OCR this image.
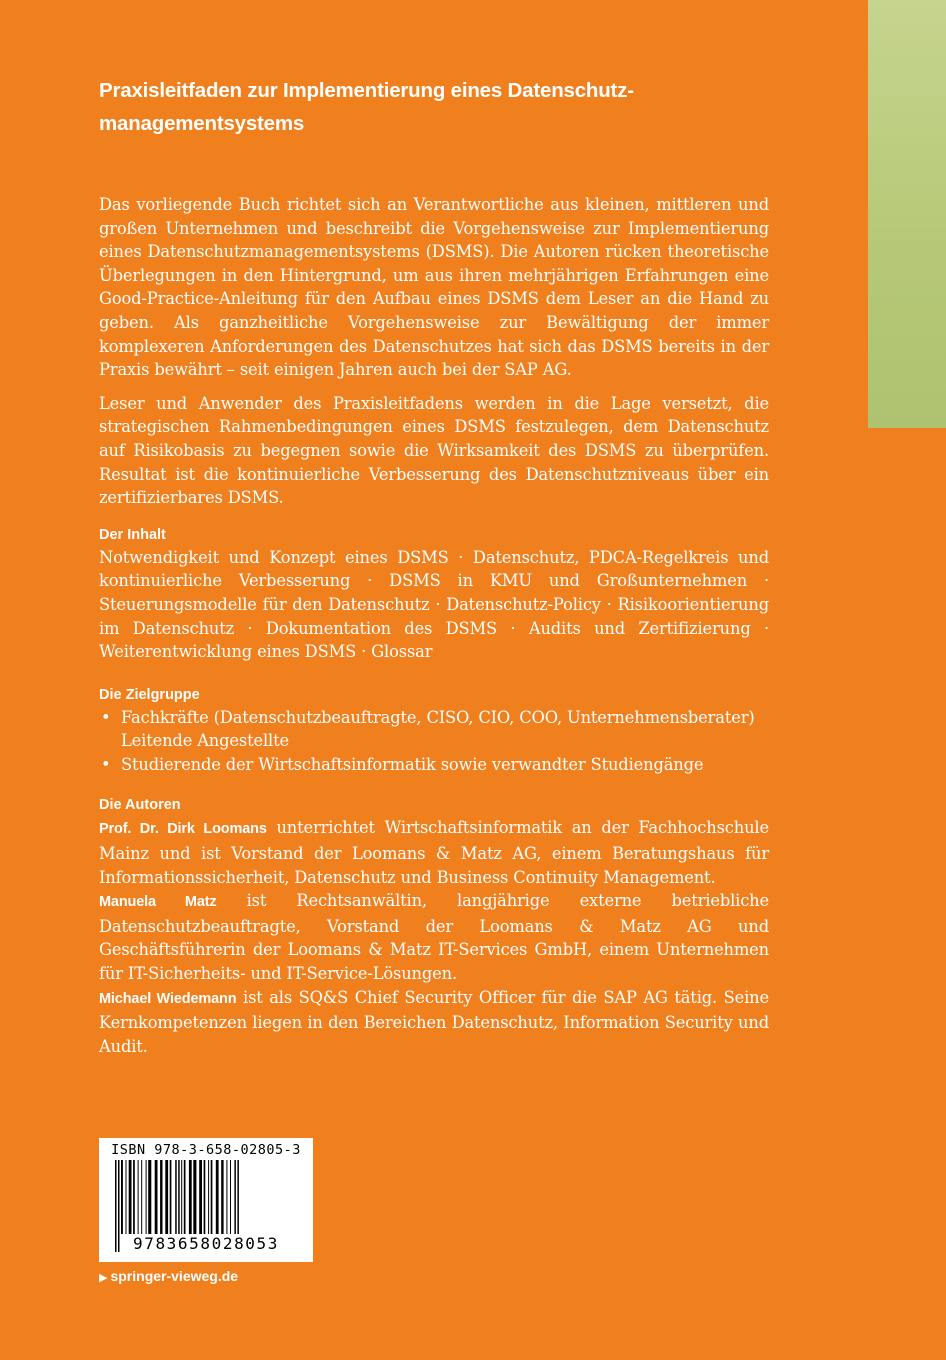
Praxisleitfaden zur Implementierung eines Datenschutz-
managementsystems

Das vorliegende Buch richtet sich an Verantwortliche aus kleinen, mittleren und großen Unternehmen und beschreibt die Vorgehensweise zur Implementierung eines Datenschutzmanagementsystems (DSMS). Die Autoren rücken theoretische Überlegungen in den Hintergrund, um aus ihren mehrjährigen Erfahrungen eine Good-Practice-Anleitung für den Aufbau eines DSMS dem Leser an die Hand zu geben. Als ganzheitliche Vorgehensweise zur Bewältigung der immer komplexeren Anforderungen des Datenschutzes hat sich das DSMS bereits in der Praxis bewährt – seit einigen Jahren auch bei der SAP AG.

Leser und Anwender des Praxisleitfadens werden in die Lage versetzt, die strategischen Rahmenbedingungen eines DSMS festzulegen, dem Datenschutz auf Risikobasis zu begegnen sowie die Wirksamkeit des DSMS zu überprüfen. Resultat ist die kontinuierliche Verbesserung des Datenschutzniveaus über ein zertifizierbares DSMS.

Der Inhalt

Notwendigkeit und Konzept eines DSMS · Datenschutz, PDCA-Regelkreis und kontinuierliche Verbesserung · DSMS in KMU und Großunternehmen · Steuerungsmodelle für den Datenschutz · Datenschutz-Policy · Risikoorientierung im Datenschutz · Dokumentation des DSMS · Audits und Zertifizierung · Weiterentwicklung eines DSMS · Glossar

Die Zielgruppe
• Fachkräfte (Datenschutzbeauftragte, CISO, CIO, COO, Unternehmensberater) Leitende Angestellte
• Studierende der Wirtschaftsinformatik sowie verwandter Studiengänge
Die Autoren

Prof. Dr. Dirk Loomans unterrichtet Wirtschaftsinformatik an der Fachhochschule Mainz und ist Vorstand der Loomans & Matz AG, einem Beratungshaus für Informationssicherheit, Datenschutz und Business Continuity Management.

Manuela Matz ist Rechtsanwältin, langjährige externe betriebliche Datenschutzbeauftragte, Vorstand der Loomans & Matz AG und Geschäftsführerin der Loomans & Matz IT-Services GmbH, einem Unternehmen für IT-Sicherheits- und IT-Service-Lösungen.

Michael Wiedemann ist als SQ&S Chief Security Officer für die SAP AG tätig. Seine Kernkompetenzen liegen in den Bereichen Datenschutz, Information Security und Audit.

ISBN 978-3-658-02805-3
9783658028053
▶ springer-vieweg.de
